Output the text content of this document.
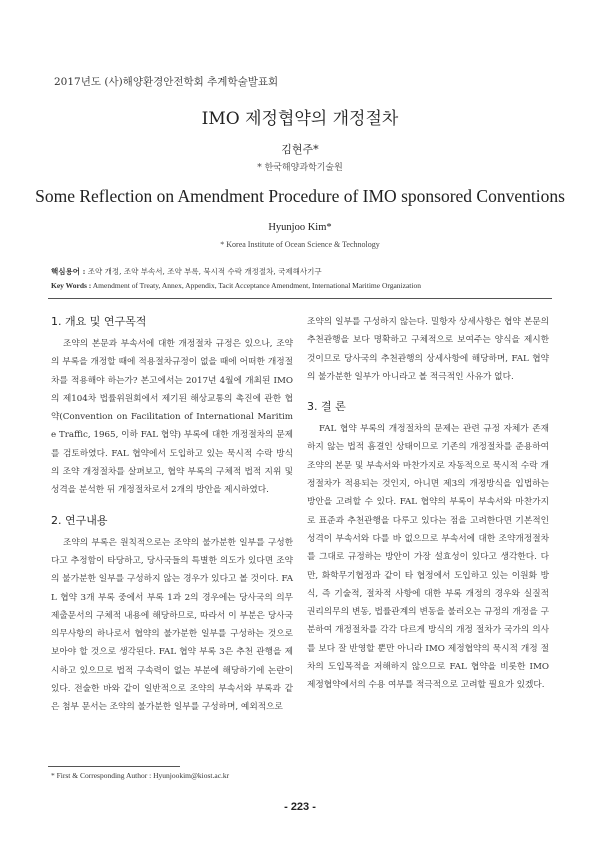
2017년도 (사)해양환경안전학회 추계학술발표회
IMO 제정협약의 개정절차
김현주*
* 한국해양과학기술원
Some Reflection on Amendment Procedure of IMO sponsored Conventions
Hyunjoo Kim*
* Korea Institute of Ocean Science & Technology
핵심용어 : 조약 개정, 조약 부속서, 조약 부록, 묵시적 수락 개정절차, 국제해사기구
Key Words : Amendment of Treaty, Annex, Appendix, Tacit Acceptance Amendment, International Maritime Organization
1. 개요 및 연구목적

조약의 본문과 부속서에 대한 개정절차 규정은 있으나, 조약의 부록을 개정할 때에 적용절차규정이 없을 때에 어떠한 개정절차를 적용해야 하는가? 본고에서는 2017년 4월에 개최된 IMO의 제104차 법률위원회에서 제기된 해상교통의 촉진에 관한 협약(Convention on Facilitation of International Maritime Traffic, 1965, 이하 FAL 협약) 부록에 대한 개정절차의 문제를 검토하였다. FAL 협약에서 도입하고 있는 묵시적 수락 방식의 조약 개정절차를 살펴보고, 협약 부록의 구체적 법적 지위 및 성격을 분석한 뒤 개정절차로서 2개의 방안을 제시하였다.

2. 연구내용

조약의 부록은 원칙적으로는 조약의 불가분한 일부를 구성한다고 추정함이 타당하고, 당사국들의 특별한 의도가 있다면 조약의 불가분한 일부를 구성하지 않는 경우가 있다고 볼 것이다. FAL 협약 3개 부록 중에서 부록 1과 2의 경우에는 당사국의 의무제출문서의 구체적 내용에 해당하므로, 따라서 이 부분은 당사국 의무사항의 하나로서 협약의 불가분한 일부를 구성하는 것으로 보아야 할 것으로 생각된다. FAL 협약 부록 3은 추천 관행을 제시하고 있으므로 법적 구속력이 없는 부분에 해당하기에 논란이 있다. 전술한 바와 같이 일반적으로 조약의 부속서와 부록과 같은 첨부 문서는 조약의 불가분한 일부를 구성하며, 예외적으로

조약의 일부를 구성하지 않는다. 밀항자 상세사항은 협약 본문의 추천관행을 보다 명확하고 구체적으로 보여주는 양식을 제시한 것이므로 당사국의 추천관행의 상세사항에 해당하며, FAL 협약의 불가분한 일부가 아니라고 볼 적극적인 사유가 없다.

3. 결 론

FAL 협약 부록의 개정절차의 문제는 관련 규정 자체가 존재하지 않는 법적 흠결인 상태이므로 기존의 개정절차를 준용하여 조약의 본문 및 부속서와 마찬가지로 자동적으로 묵시적 수락 개정절차가 적용되는 것인지, 아니면 제3의 개정방식을 입법하는 방안을 고려할 수 있다. FAL 협약의 부록이 부속서와 마찬가지로 표준과 추천관행을 다루고 있다는 점을 고려한다면 기본적인 성격이 부속서와 다를 바 없으므로 부속서에 대한 조약개정절차를 그대로 규정하는 방안이 가장 설효성이 있다고 생각한다. 다만, 화학무기협정과 같이 타 협정에서 도입하고 있는 이원화 방식, 즉 기술적, 절차적 사항에 대한 부록 개정의 경우와 실질적 권리의무의 변동, 법률관계의 변동을 불러오는 규정의 개정을 구분하여 개정절차를 각각 다르게 방식의 개정 절차가 국가의 의사를 보다 잘 반영할 뿐만 아니라 IMO 제정협약의 묵시적 개정 절차의 도입목적을 저해하지 않으므로 FAL 협약을 비롯한 IMO 제정협약에서의 수용 여부를 적극적으로 고려할 필요가 있겠다.

* First & Corresponding Author : Hyunjookim@kiost.ac.kr
- 223 -
